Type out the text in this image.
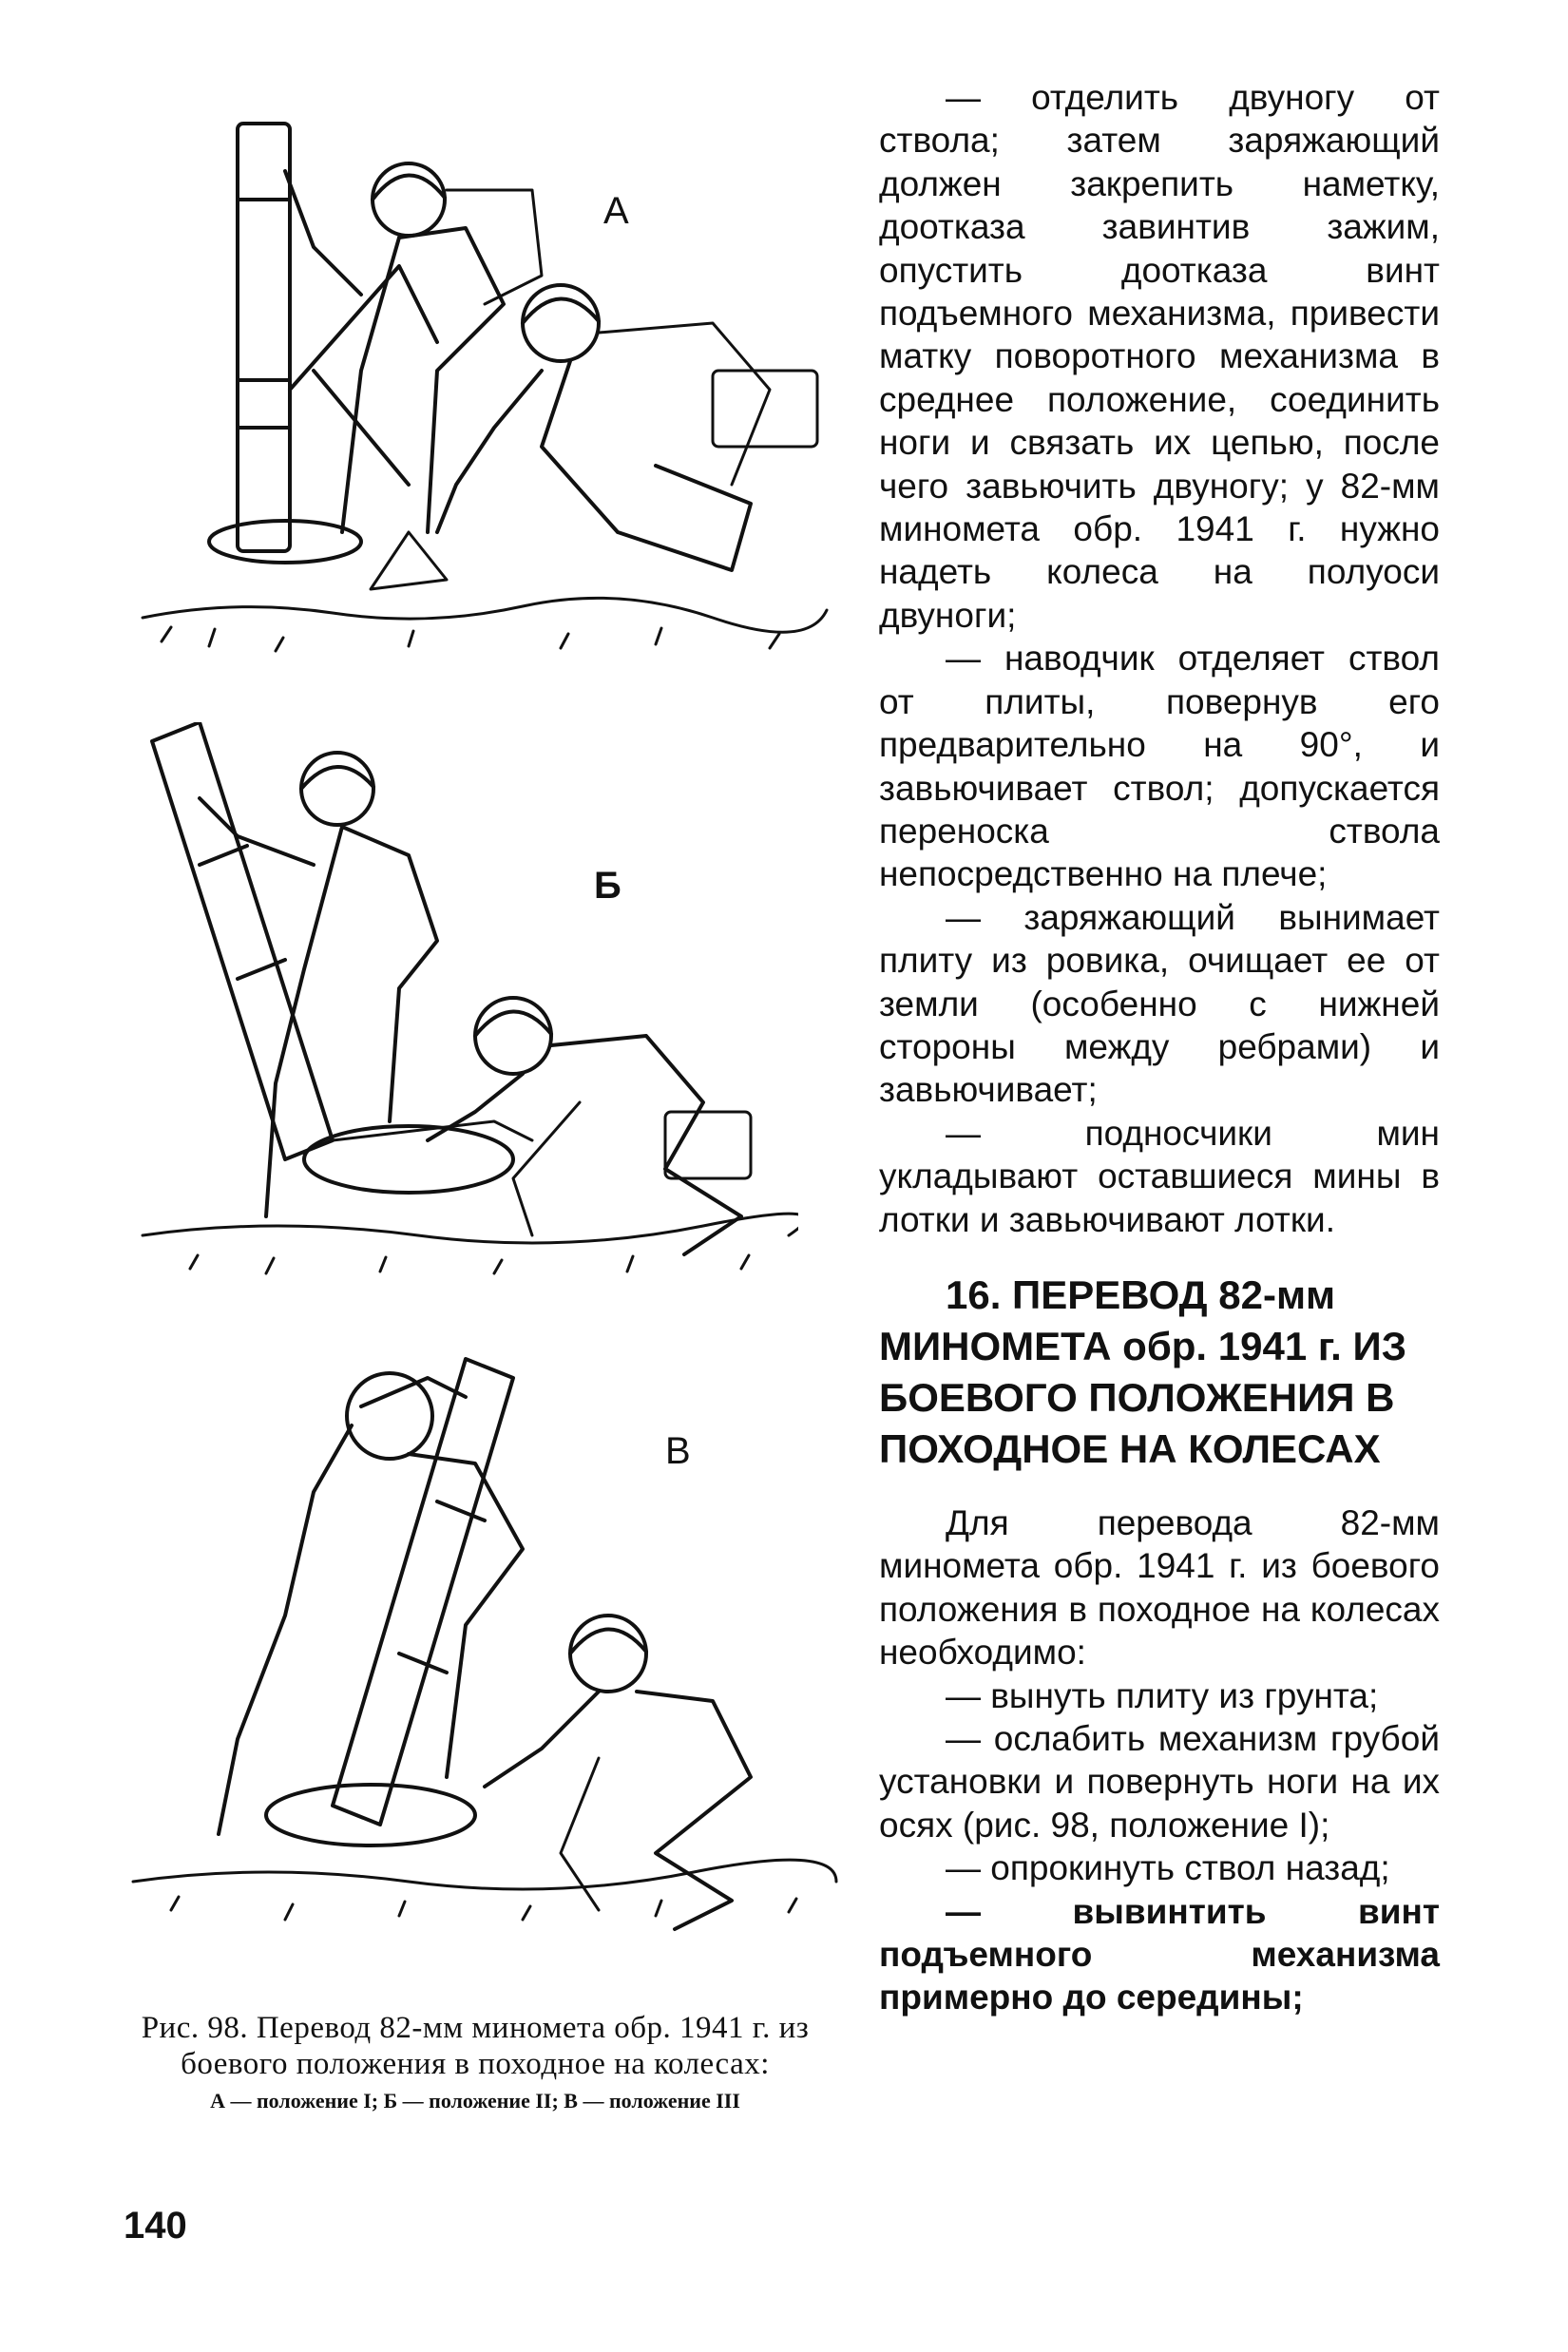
А
Б
В
Рис. 98. Перевод 82-мм миномета обр. 1941 г. из боевого положения в походное на колесах:
А — положение I; Б — положение II; В — положение III
140

— отделить двуногу от ствола; затем заряжающий должен закрепить наметку, доотказа завинтив зажим, опустить доотказа винт подъемного механизма, привести матку поворотного механизма в среднее положение, соединить ноги и связать их цепью, после чего завьючить двуногу; у 82-мм миномета обр. 1941 г. нужно надеть колеса на полуоси двуноги;

— наводчик отделяет ствол от плиты, повернув его предварительно на 90°, и завьючивает ствол; допускается переноска ствола непосредственно на плече;

— заряжающий вынимает плиту из ровика, очищает ее от земли (особенно с нижней стороны между ребрами) и завьючивает;

— подносчики мин укладывают оставшиеся мины в лотки и завьючивают лотки.

16. ПЕРЕВОД 82-мм МИНОМЕТА обр. 1941 г. ИЗ БОЕВОГО ПОЛОЖЕНИЯ В ПОХОДНОЕ НА КОЛЕСАХ

Для перевода 82-мм миномета обр. 1941 г. из боевого положения в походное на колесах необходимо:

— вынуть плиту из грунта;

— ослабить механизм грубой установки и повернуть ноги на их осях (рис. 98, положение I);

— опрокинуть ствол назад;

— вывинтить винт подъемного механизма примерно до середины;
